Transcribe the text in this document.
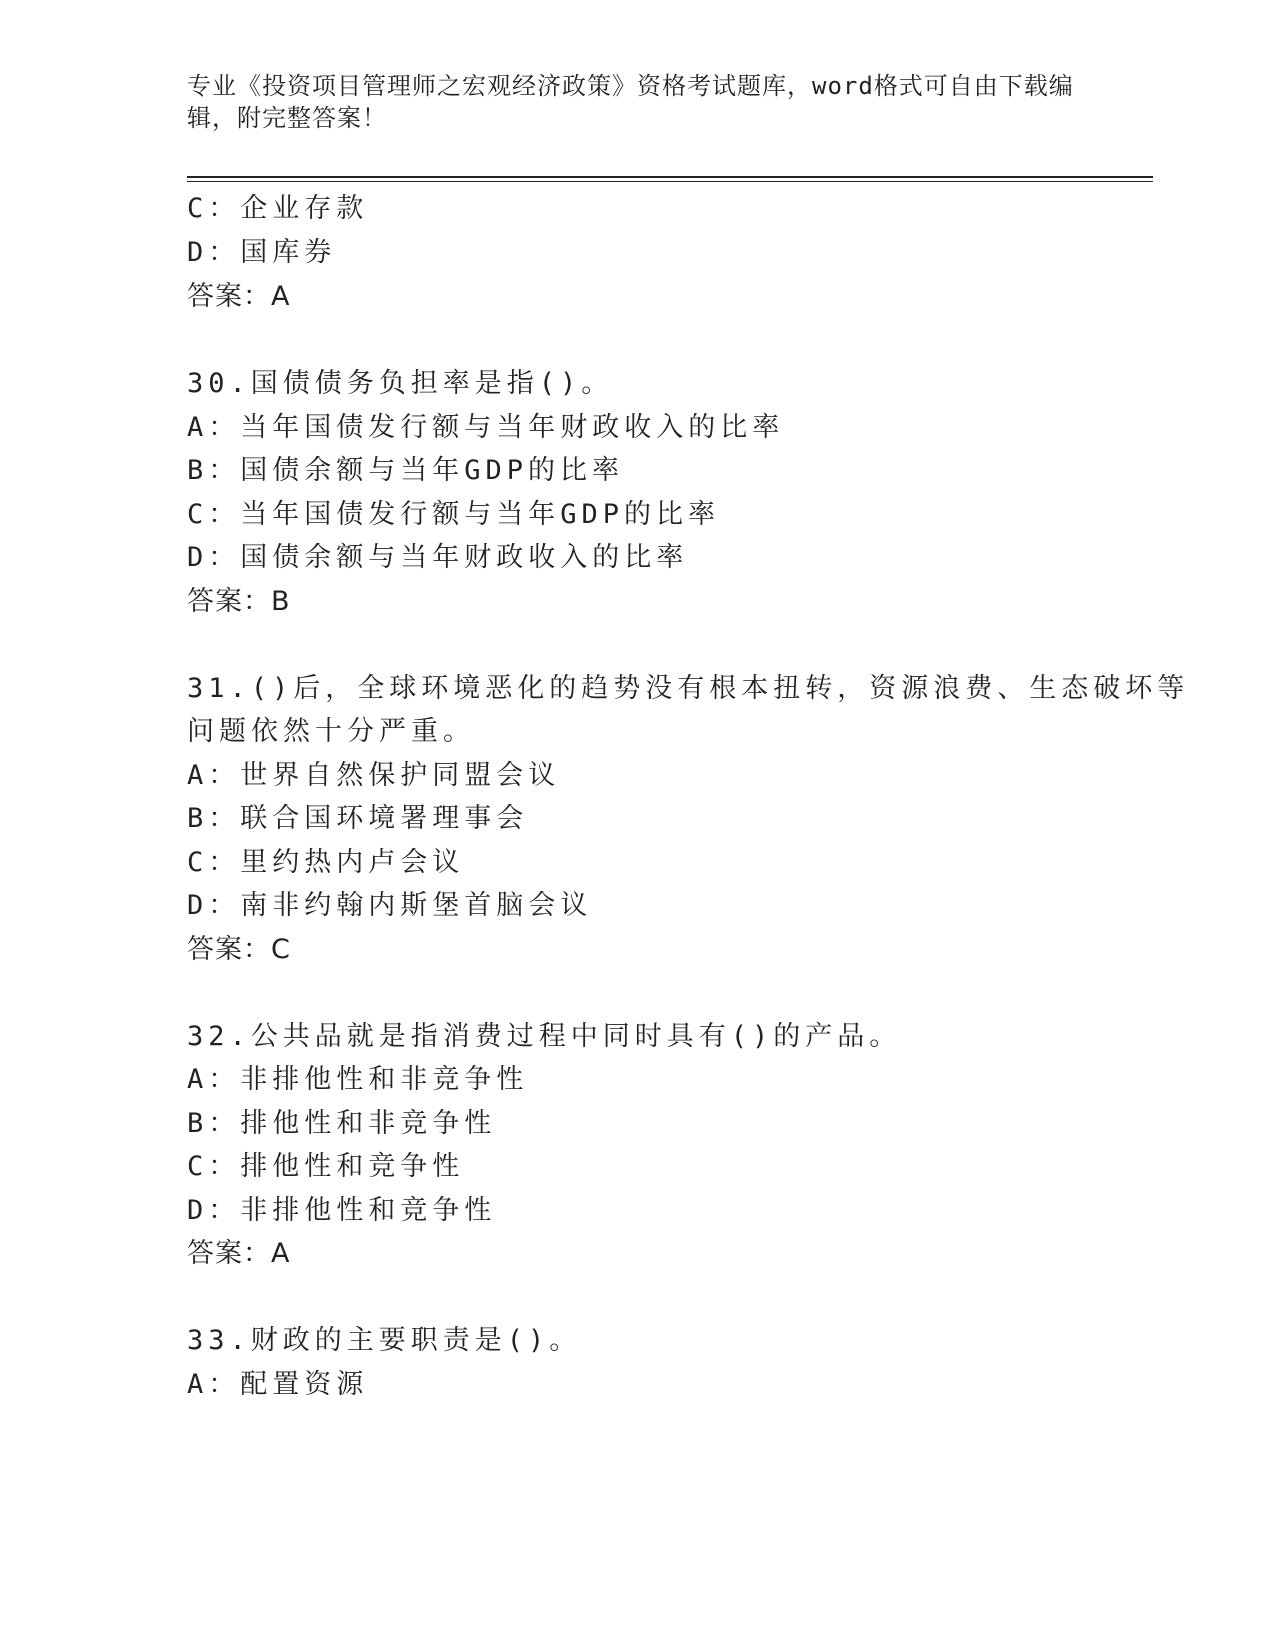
专业《投资项目管理师之宏观经济政策》资格考试题库，word格式可自由下载编
辑，附完整答案！
C：企业存款
D：国库券
答案：A
30.国债债务负担率是指()。
A：当年国债发行额与当年财政收入的比率
B：国债余额与当年GDP的比率
C：当年国债发行额与当年GDP的比率
D：国债余额与当年财政收入的比率
答案：B
31.()后，全球环境恶化的趋势没有根本扭转，资源浪费、生态破坏等
问题依然十分严重。
A：世界自然保护同盟会议
B：联合国环境署理事会
C：里约热内卢会议
D：南非约翰内斯堡首脑会议
答案：C
32.公共品就是指消费过程中同时具有()的产品。
A：非排他性和非竞争性
B：排他性和非竞争性
C：排他性和竞争性
D：非排他性和竞争性
答案：A
33.财政的主要职责是()。
A：配置资源
